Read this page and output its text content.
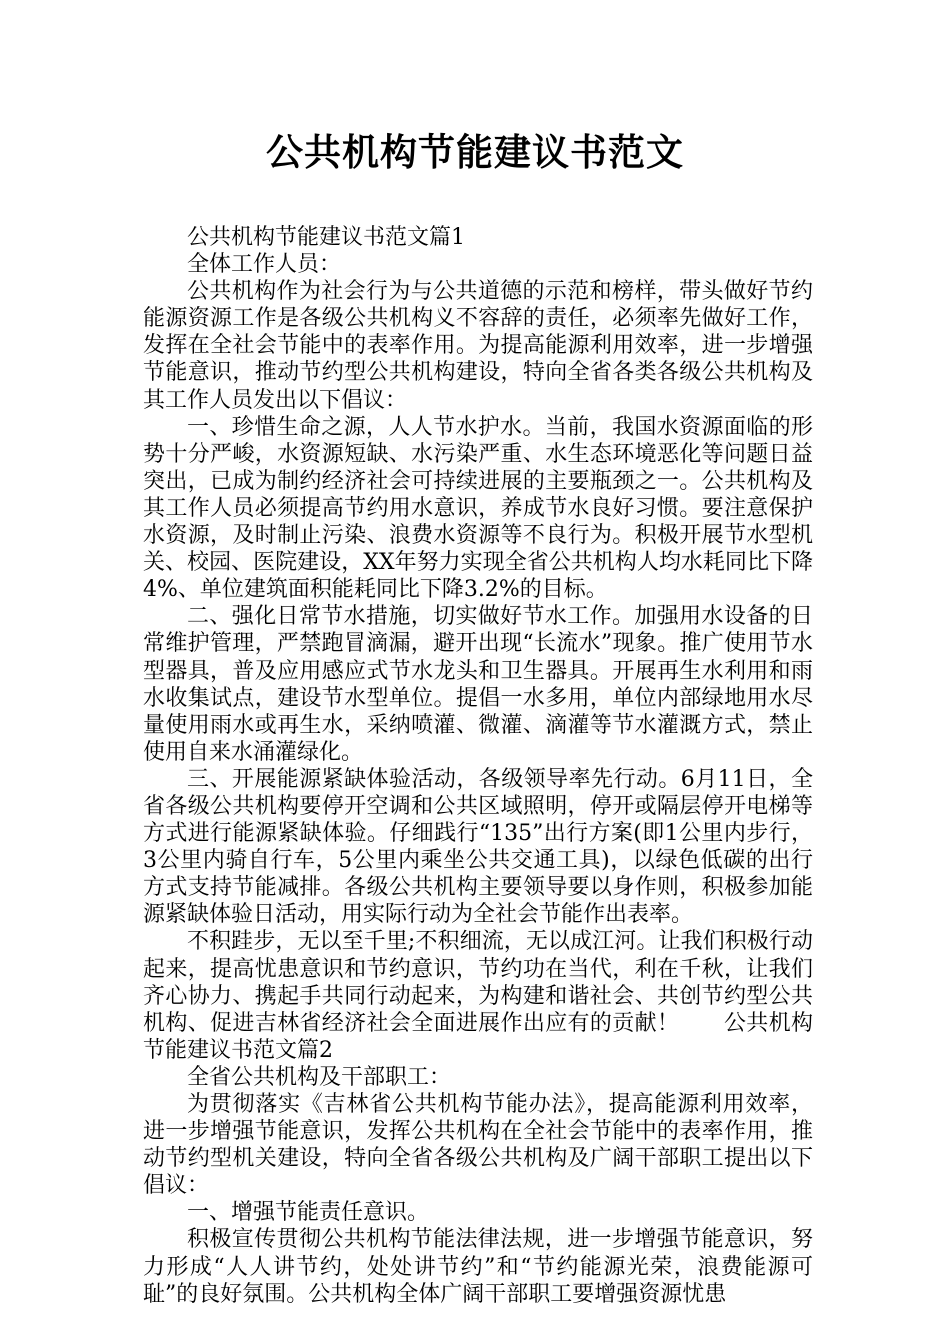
公共机构节能建议书范文

公共机构节能建议书范文篇1

全体工作人员：

公共机构作为社会行为与公共道德的示范和榜样，带头做好节约能源资源工作是各级公共机构义不容辞的责任，必须率先做好工作，发挥在全社会节能中的表率作用。为提高能源利用效率，进一步增强节能意识，推动节约型公共机构建设，特向全省各类各级公共机构及其工作人员发出以下倡议：

一、珍惜生命之源，人人节水护水。当前，我国水资源面临的形势十分严峻，水资源短缺、水污染严重、水生态环境恶化等问题日益突出，已成为制约经济社会可持续进展的主要瓶颈之一。公共机构及其工作人员必须提高节约用水意识，养成节水良好习惯。要注意保护水资源，及时制止污染、浪费水资源等不良行为。积极开展节水型机关、校园、医院建设，XX年努力实现全省公共机构人均水耗同比下降4%、单位建筑面积能耗同比下降3.2%的目标。

二、强化日常节水措施，切实做好节水工作。加强用水设备的日常维护管理，严禁跑冒滴漏，避开出现“长流水”现象。推广使用节水型器具，普及应用感应式节水龙头和卫生器具。开展再生水利用和雨水收集试点，建设节水型单位。提倡一水多用，单位内部绿地用水尽量使用雨水或再生水，采纳喷灌、微灌、滴灌等节水灌溉方式，禁止使用自来水涌灌绿化。

三、开展能源紧缺体验活动，各级领导率先行动。6月11日，全省各级公共机构要停开空调和公共区域照明，停开或隔层停开电梯等方式进行能源紧缺体验。仔细践行“135”出行方案(即1公里内步行，3公里内骑自行车，5公里内乘坐公共交通工具)，以绿色低碳的出行方式支持节能减排。各级公共机构主要领导要以身作则，积极参加能源紧缺体验日活动，用实际行动为全社会节能作出表率。

不积跬步，无以至千里;不积细流，无以成江河。让我们积极行动起来，提高忧患意识和节约意识，节约功在当代，利在千秋，让我们齐心协力、携起手共同行动起来，为构建和谐社会、共创节约型公共机构、促进吉林省经济社会全面进展作出应有的贡献！　　公共机构节能建议书范文篇2

全省公共机构及干部职工：

为贯彻落实《吉林省公共机构节能办法》，提高能源利用效率，进一步增强节能意识，发挥公共机构在全社会节能中的表率作用，推动节约型机关建设，特向全省各级公共机构及广阔干部职工提出以下倡议：

一、增强节能责任意识。

积极宣传贯彻公共机构节能法律法规，进一步增强节能意识，努力形成“人人讲节约，处处讲节约”和“节约能源光荣，浪费能源可耻”的良好氛围。公共机构全体广阔干部职工要增强资源忧患
